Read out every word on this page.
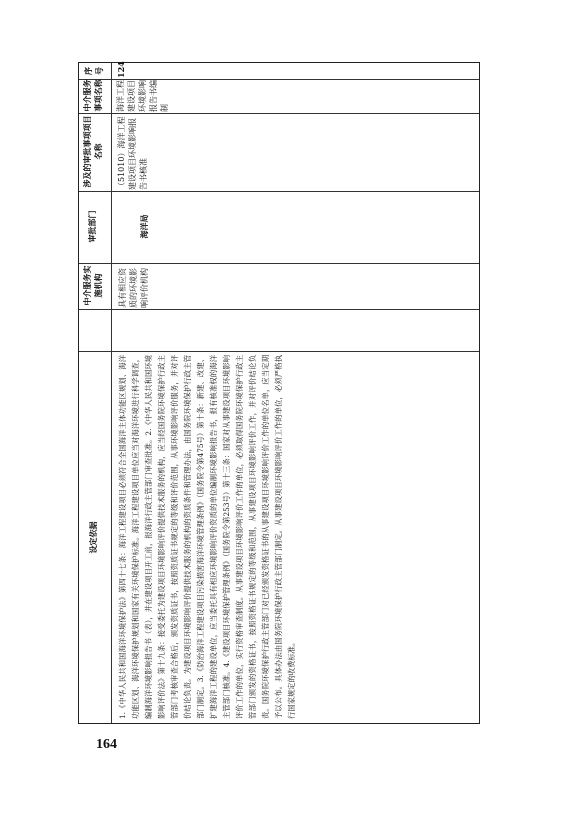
164
序号
中介服务事项名称
涉及的审批事项项目名称
审批部门
中介服务实施机构
设定依据
124
海洋工程建设项目环境影响报告书编制
（51010）海洋工程建设项目环境影响报告书核准
海洋局
具有相应资质的环境影响评价机构
1.《中华人民共和国海洋环境保护法》第四十七条：海洋工程建设项目必须符合全国海洋主体功能区规划、海洋功能区划、海洋环境保护规划和国家有关环境保护标准。海洋工程建设项目单位应当对海洋环境进行科学调查，编制海洋环境影响报告书（表），并在建设项目开工前，报海洋行政主管部门审查批准。2.《中华人民共和国环境影响评价法》第十九条：接受委托为建设项目环境影响评价提供技术服务的机构，应当经国务院环境保护行政主管部门考核审查合格后，颁发资质证书，按照资质证书规定的等级和评价范围，从事环境影响评价服务，并对评价结论负责。为建设项目环境影响评价提供技术服务的机构的资质条件和管理办法，由国务院环境保护行政主管部门制定。3.《防治海洋工程建设项目污染损害海洋环境管理条例》（国务院令第475号）第十条：新建、改建、扩建海洋工程的建设单位，应当委托具有相应环境影响评价资质的单位编制环境影响报告书，报有核准权的海洋主管部门核准。4.《建设项目环境保护管理条例》（国务院令第253号）第十三条：国家对从事建设项目环境影响评价工作的单位，实行资格审查制度。从事建设项目环境影响评价工作的单位，必须取得国务院环境保护行政主管部门颁发的资格证书，按照资格证书规定的等级和范围，从事建设项目环境影响评价工作，并对评价结论负责。国务院环境保护行政主管部门对已经颁发资格证书的从事建设项目环境影响评价工作的单位名单，应当定期予以公布。具体办法由国务院环境保护行政主管部门制定。从事建设项目环境影响评价工作的单位，必须严格执行国家规定的收费标准。
